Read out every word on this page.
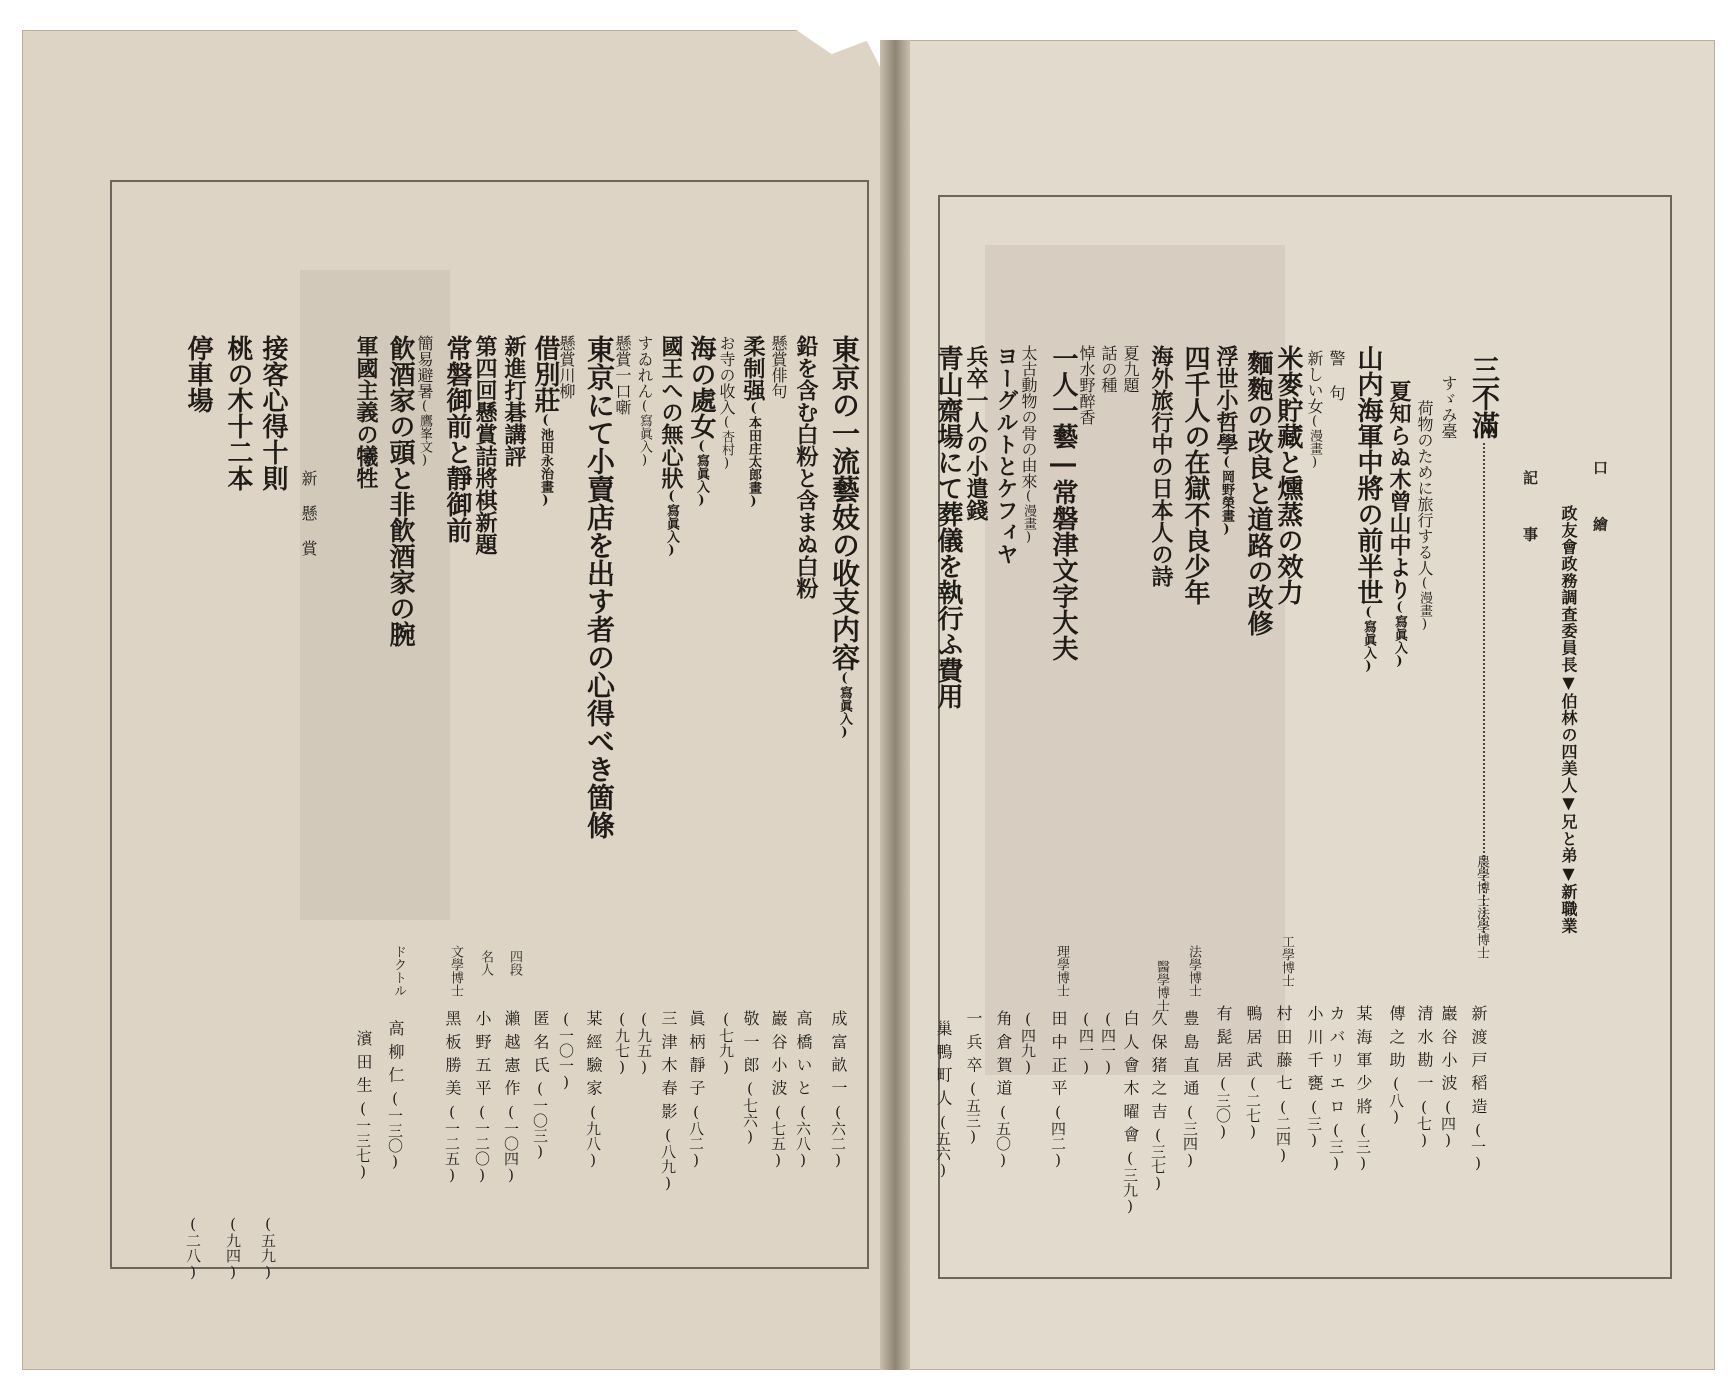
三不滿
すゞみ臺
荷物のために旅行する人(漫畫)
夏知らぬ木曾山中より(寫眞入)
山内海軍中將の前半世(寫眞入)
警 句
新しい女(漫畫)
米麥貯藏と燻蒸の效力
麵麭の改良と道路の改修
浮世小哲學(岡野榮畫)
四千人の在獄不良少年
海外旅行中の日本人の詩
夏九題
話の種
悼水野醉香
一人一藝―常磐津文字大夫
太古動物の骨の由來(漫畫)
ヨーグルトとケフィヤ
兵卒一人の小遣錢
青山齋場にて葬儀を執行ふ費用
東京の一流藝妓の收支内容(寫眞入)
鉛を含む白粉と含まぬ白粉
懸賞俳句
柔制强(本田庄太郎畫)
お寺の收入(杏村)
海の處女(寫眞入)
國王への無心狀(寫眞入)
すゐれん(寫眞入)
懸賞一口噺
東京にて小賣店を出す者の心得べき箇條
懸賞川柳
借別莊(池田永治畫)
新進打碁講評
第四回懸賞詰將棋新題
常磐御前と靜御前
簡易避暑(鷹峯文)
飮酒家の頭と非飮酒家の腕
軍國主義の犧牲
新 懸 賞
接客心得十則
桃の木十二本
停車場
口 繪
記 事 政友會政務調査委員長▼伯林の四美人▼兄と弟▼新職業
農學博士法學博士
新渡戸稻造(一)
巖谷小波(四)
清水勘一(七)
傳之助(八)
某海軍少將(三)
カバリエロ(三)
小川千甕(三)
工學博士
村田藤七(二四)
鴨居武(二七)
有髭居(三〇)
法學博士
豊島直通(三四)
醫學博士
久保猪之吉(三七)
白人會木曜會(三九)
(四一)
(四一)
理學博士
田中正平(四二)
(四九)
角倉賀道(五〇)
一兵卒(五三)
巢鴨町人(五六)
成富畝一(六二)
高橋いと(六八)
巖谷小波(七五)
敬一郎(七六)
(七九)
眞柄靜子(八二)
三津木春影(八九)
(九五)
(九七)
某經驗家(九八)
(一〇一)
匿名氏(一〇三)
四段
瀨越憲作(一〇四)
名人
小野五平(一二〇)
文學博士
黑板勝美(一二五)
ドクトル
高柳仁(一三〇)
濱田生(一三七)
(五九)
(九四)
(二八)
